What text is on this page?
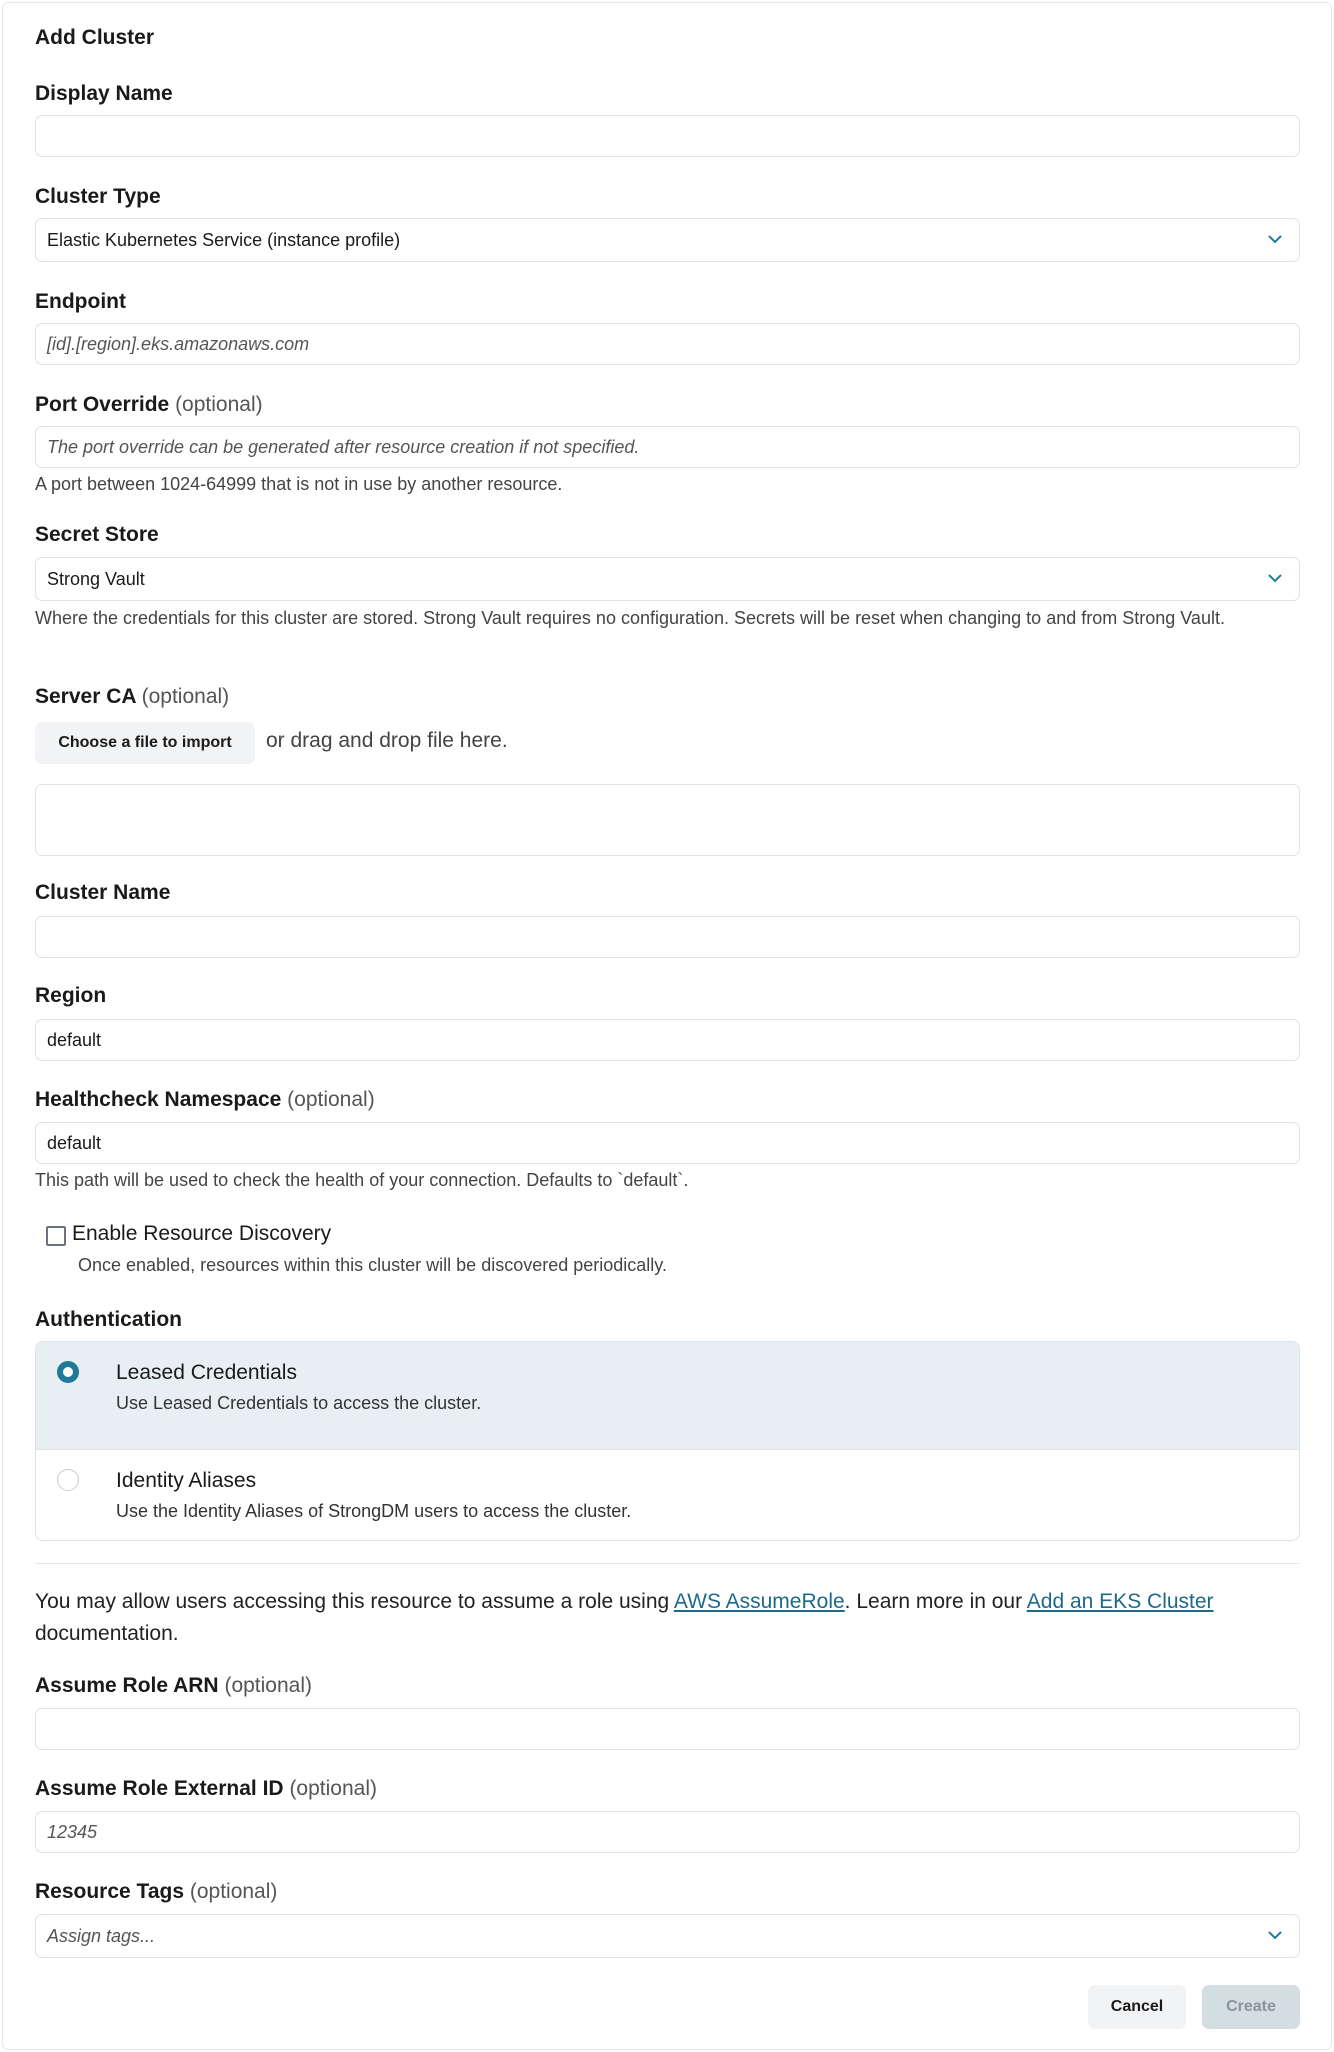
Add Cluster
Display Name
Cluster Type
Elastic Kubernetes Service (instance profile)
Endpoint
[id].[region].eks.amazonaws.com
Port Override (optional)
The port override can be generated after resource creation if not specified.
A port between 1024-64999 that is not in use by another resource.
Secret Store
Strong Vault
Where the credentials for this cluster are stored. Strong Vault requires no configuration. Secrets will be reset when changing to and from Strong Vault.
Server CA (optional)
Choose a file to import	or drag and drop file here.
Cluster Name
Region
default
Healthcheck Namespace (optional)
default
This path will be used to check the health of your connection. Defaults to `default`.
Enable Resource Discovery
Once enabled, resources within this cluster will be discovered periodically.
Authentication
Leased Credentials
Use Leased Credentials to access the cluster.
Identity Aliases
Use the Identity Aliases of StrongDM users to access the cluster.
You may allow users accessing this resource to assume a role using AWS AssumeRole. Learn more in our Add an EKS Cluster documentation.
Assume Role ARN (optional)
Assume Role External ID (optional)
12345
Resource Tags (optional)
Assign tags...
Cancel	Create
